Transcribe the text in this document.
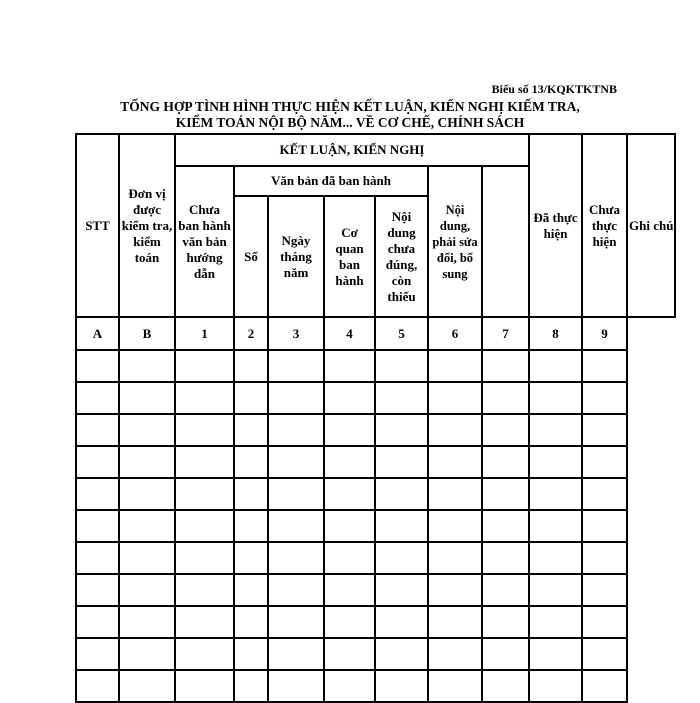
Biểu số 13/KQKTKTNB
TỔNG HỢP TÌNH HÌNH THỰC HIỆN KẾT LUẬN, KIẾN NGHỊ KIỂM TRA,
KIỂM TOÁN NỘI BỘ NĂM... VỀ CƠ CHẾ, CHÍNH SÁCH
STT	Đơn vị được kiểm tra, kiểm toán	KẾT LUẬN, KIẾN NGHỊ							Đã thực hiện	Chưa thực hiện	Ghi chú
		Chưa ban hành văn bản hướng dẫn	Văn bản đã ban hành				Nội dung, phải sửa đổi, bổ sung				
			Số	Ngày tháng năm	Cơ quan ban hành	Nội dung chưa đúng, còn thiếu					
A	B	1	2	3	4	5	6	7	8	9	
